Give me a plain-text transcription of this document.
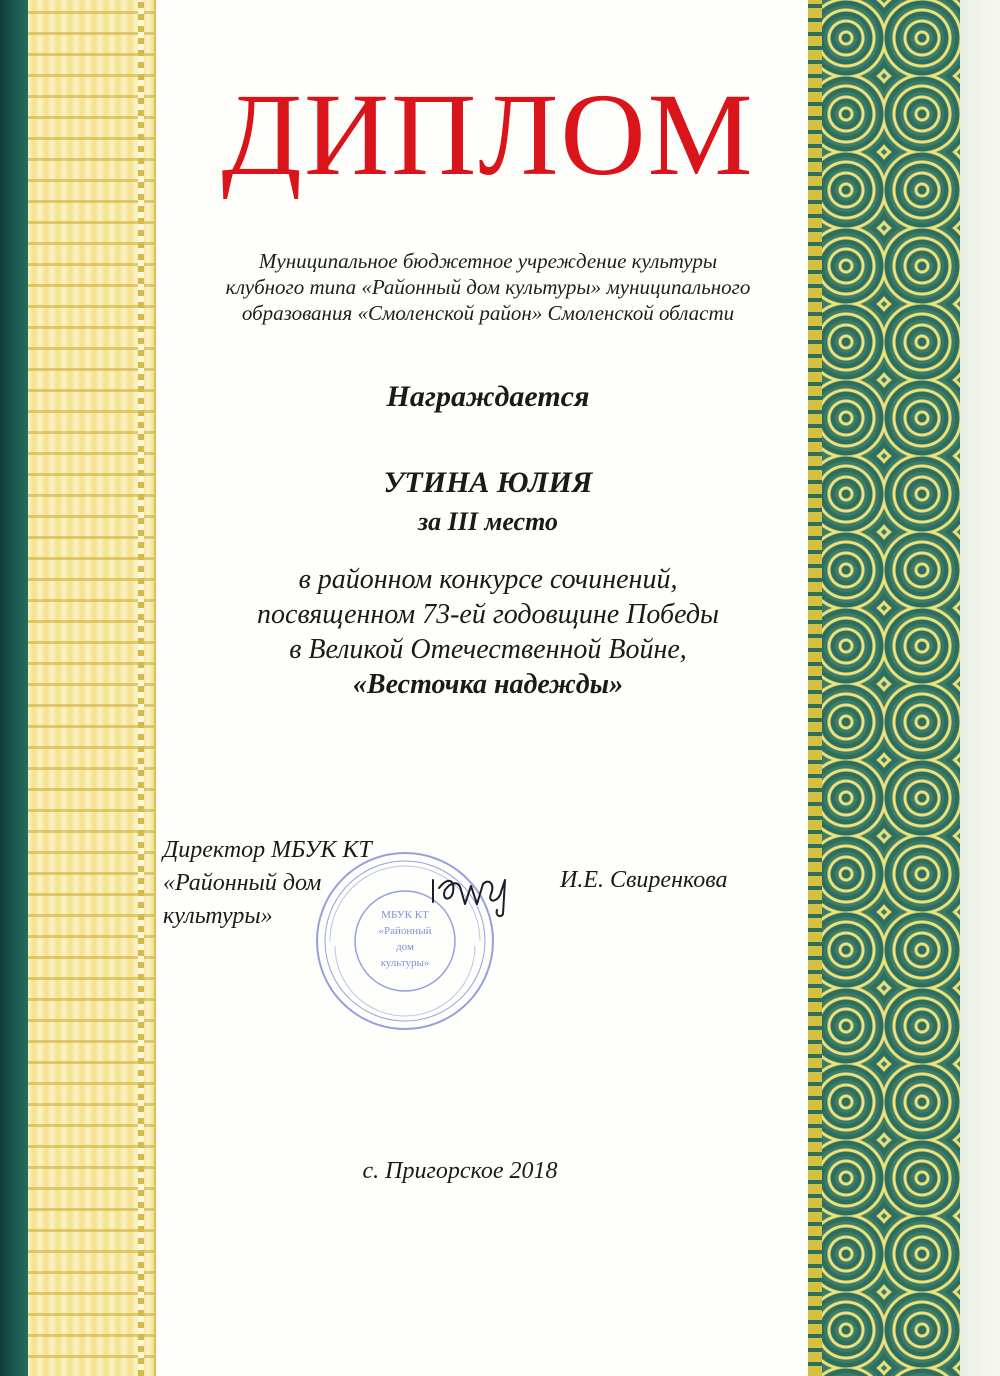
ДИПЛОМ
Муниципальное бюджетное учреждение культуры
клубного типа «Районный дом культуры» муниципального
образования «Смоленской район» Смоленской области
Награждается
УТИНА ЮЛИЯ
за III место
в районном конкурсе сочинений,
посвященном 73-ей годовщине Победы
в Великой Отечественной Войне,
«Весточка надежды»
Директор МБУК КТ
«Районный дом
культуры»	МБУК КТ
«Районный
дом
культуры»
И.Е. Свиренкова
с. Пригорское 2018
